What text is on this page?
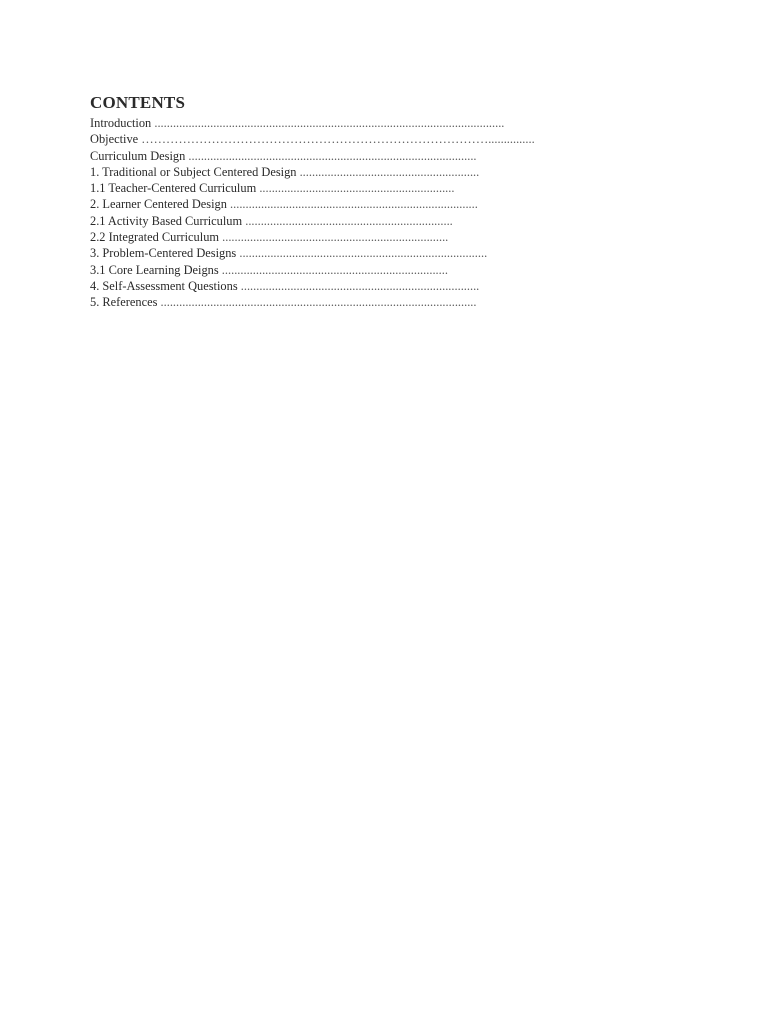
CONTENTS
Introduction .................................................................................................................
Objective …………………………………………………………………………...............
Curriculum Design .............................................................................................
1. Traditional or Subject Centered Design ..........................................................
1.1 Teacher-Centered Curriculum ...............................................................
2. Learner Centered Design ................................................................................
2.1 Activity Based Curriculum ...................................................................
2.2 Integrated Curriculum .........................................................................
3. Problem-Centered Designs ................................................................................
3.1 Core Learning Deigns .........................................................................
4. Self-Assessment Questions .............................................................................
5. References ......................................................................................................
